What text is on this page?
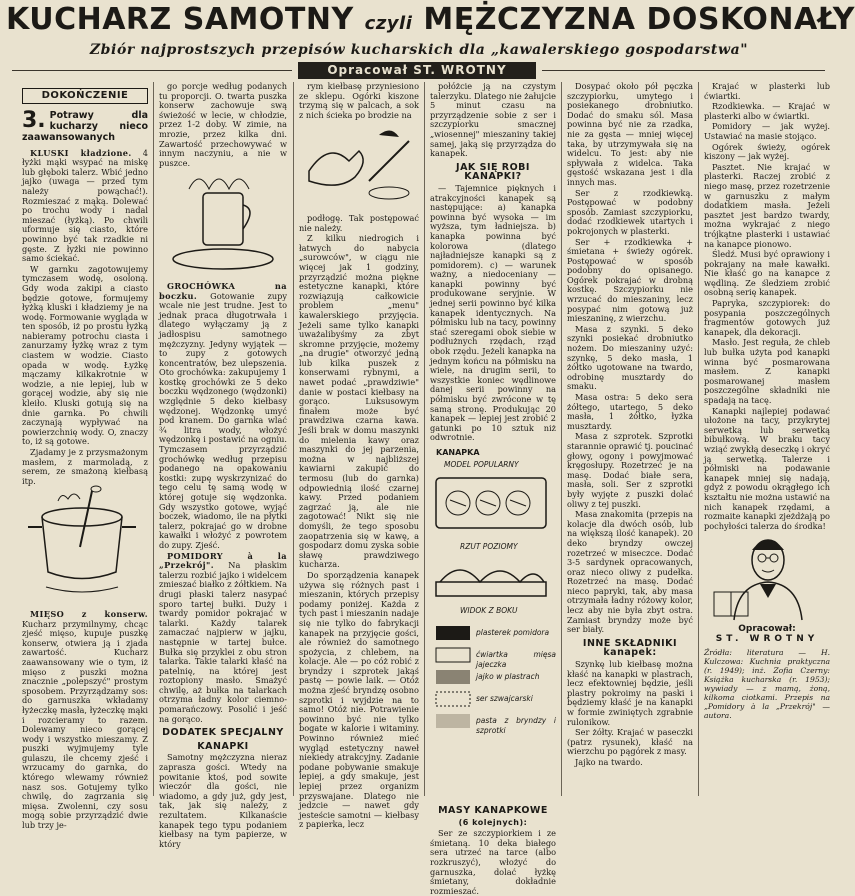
KUCHARZ SAMOTNY czyli MĘŻCZYZNA DOSKONAŁY
Zbiór najprostszych przepisów kucharskich dla „kawalerskiego gospodarstwa"
Opracował ST. WROTNY
DOKOŃCZENIE
3. Potrawy dla kucharzy nieco zaawansowanych

KLUSKI kładzione. 4 łyżki mąki wsypać na miskę lub głęboki talerz. Wbić jedno jajko (uwaga — przed tym należy powąchać!). Rozmieszać z mąką. Dolewać po trochu wody i nadal mieszać (łyżką). Po chwili uformuje się ciasto, które powinno być tak rzadkie ni gęste. Z łyżki nie powinno samo ściekać.

W garnku zagotowujemy tymczasem wodę, osoloną. Gdy woda zakipi a ciasto będzie gotowe, formujemy łyżką kluski i kładziemy je na wodę. Formowanie wygląda w ten sposób, iż po prostu łyżką nabieramy potrochu ciasta i zanurzamy łyżkę wraz z tym ciastem w wodzie. Ciasto opada w wodę. Łyżkę mączamy kilkakrotnie w wodzie, a nie lepiej, lub w gorącej wodzie, aby się nie kleiło. Kluski gotują się na dnie garnka. Po chwili zaczynają wypływać na powierzchnię wody. O, znaczy to, iż są gotowe.

Zjadamy je z przysmażonym masłem, z marmoladą, z serem, ze smażoną kiełbasą itp.

MIĘSO z konserw. Kucharz przymilnymy, chcąc zjeść mięso, kupuje puszkę konserw, otwiera ją i zjada zawartość. Kucharz zaawansowany wie o tym, iż mięso z puszki można znacznie „polepszyć" prostym sposobem. Przyrządzamy sos: do garnuszka wkładamy łyżeczkę masła, łyżeczkę mąki i rozcieramy to razem. Dolewamy nieco gorącej wody i wszystko mieszamy. Z puszki wyjmujemy tyle gulaszu, ile chcemy zjeść i wrzucamy do garnka, do którego wlewamy również nasz sos. Gotujemy tylko chwilę, do zagrzania się mięsa. Zwolenni, czy sosu mogą sobie przyrządzić dwie lub trzy je-

go porcje według podanych tu proporcji. O. twarta puszka konserw zachowuje swą świeżość w lecie, w chłodzie, przez 1-2 doby. W zimie, na mrozie, przez kilka dni. Zawartość przechowywać w innym naczyniu, a nie w puszce.

GROCHÓWKA na boczku. Gotowanie zupy wcale nie jest trudne. Jest to jednak praca długotrwała i dlatego wyłączamy ją z jadłospisu samotnego mężczyzny. Jedyny wyjątek — to zupy z gotowych koncentratów, bez ulepszenia. Oto grochówka: zakupujemy 1 kostkę grochówki ze 5 deko boczku wędzonego (wędzonki) względnie 5 deko kiełbasy wędzonej. Wędzonkę umyć pod kranem. Do garnka wlać ¾ litra wody, włożyć wędzonkę i postawić na ogniu. Tymczasem przyrządzić grochówkę według przepisu podanego na opakowaniu kostki: zupę wyskrzynizać do tego celu tę samą wodę w której gotuje się wędzonka. Gdy wszystko gotowe, wyjąć boczek, wiadomo, ile na płytki talerz, pokrajać go w drobne kawałki i włożyć z powrotem do zupy. Zjeść.

POMIDORY à la „Przekrój". Na płaskim talerzu rozbić jajko i widelcem zmieszać białko z żółtkiem. Na drugi płaski talerz nasypać sporo tartej bułki. Duży i twardy pomidor pokrajać w talarki. Każdy talarek zamaczać najpierw w jajku, następnie w tartej bułce. Bułka się przyklei z obu stron talarka. Takie talarki kłaść na patelnię, na której jest roztopiony masło. Smażyć chwilę, aż bułka na talarkach otrzyma ładny kolor ciemno-pomarańczowy. Posolić i jeść na gorąco.

DODATEK SPECJALNY
KANAPKI

Samotny mężczyzna nieraz zaprasza gości. Wtedy na powitanie ktoś, pod sowite wieczór dla gości, nie wiadomo, a gdy już, gdy jest, tak, jak się należy, z rezultatem. Kilkanaście kanapek tego typu podaniem kiełbasy na tym papierze, w który

rym kiełbasę przyniesiono ze sklepu. Ogórki kiszone trzymą się w palcach, a sok z nich ścieka po brodzie na

podłogę. Tak postępować nie należy.

Z kilku niedrogich i łatwych do nabycia „surowców", w ciągu nie więcej jak 1 godziny, przyrządzić można piękne estetyczne kanapki, które rozwiązują całkowicie problem „menu" kawalerskiego przyjęcia. Jeżeli same tylko kanapki uważalibyśmy za zbyt skromne przyjęcie, możemy „na drugie" otworzyć jedną lub kilka puszek z konserwami rybnymi, a nawet podać „prawdziwie" danie w postaci kiełbasy na gorąco. Luksusowym finałem może być prawdziwa czarna kawa. Jeśli brak w domu maszynki do mielenia kawy oraz maszynki do jej parzenia, można w najbliższej kawiarni zakupić do termosu (lub do garnka) odpowiednią ilość czarnej kawy. Przed podaniem zagrzać ją, ale nie zagotować! Nikt się nie domyśli, że tego sposobu zaopatrzenia się w kawę, a gospodarz domu zyska sobie sławę prawdziwego kucharza.

Do sporządzenia kanapek używa się różnych past i mieszanin, których przepisy podamy poniżej. Każda z tych past i mieszanin nadaje się nie tylko do fabrykacji kanapek na przyjęcie gości, ale również do samotnego spożycia, z chlebem, na kolacje. Ale — po cóż robić z bryndzy i szprotek jakąś pastę — powie laik. — Otóż można zjeść bryndzę osobno szprotki i wyjdzie na to samo! Otóż nie. Potrawienie powinno być nie tylko bogate w kalorie i witaminy. Powinno również mieć wygląd estetyczny naweł niekiedy atrakcyjny. Zadanie podane pobywanie smakuje lepiej, a gdy smakuje, jest lepiej przez organizm przyswajane. Dlatego nie jedzcie — nawet gdy jesteście samotni — kiełbasy z papierka, lecz

połóżcie ją na czystym talerzyku. Dlatego nie żałujcie 5 minut czasu na przyrządzenie sobie z ser i szczypiorku smacznej „wiosennej" mieszaniny takiej samej, jaką się przyrządza do kanapek.

JAK SIĘ ROBI KANAPKI?

— Tajemnice pięknych i atrakcyjności kanapek są następujące: a) kanapka powinna być wysoka — im wyższa, tym ładniejsza. b) kanapka powinna być kolorowa (dlatego najładniejsze kanapki są z pomidorem). c) — warunek ważny, a niedoceniany — kanapki powinny być produkowane seryjnie. W jednej serii powinno być kilka kanapek identycznych. Na półmisku lub na tacy, powinny stać szeregami obok siebie w podłużnych rzędach, rząd obok rzędu. Jeżeli kanapka na jednym końcu na półmisku na wiele, na drugim serii, to wszystkie koniec wędlinowe danej serii powinny na półmisku być zwrócone w tę samą stronę. Produkując 20 kanapek — lepiej jest zrobić 2 gatunki po 10 sztuk niż odwrotnie.

KANAPKA
MODEL POPULARNY
RZUT POZIOMY
WIDOK Z BOKU
plasterek pomidora
ćwiartka mięsa jajeczka
jajko w plastrach
ser szwajcarski
pasta z bryndzy i szprotki
MASY KANAPKOWE
(6 kolejnych):

Ser ze szczypiorkiem i ze śmietaną. 10 deka białego sera utrzeć na tarce (albo rozkruszyć), włożyć do garnuszka, dolać łyżkę śmietany, dokładnie rozmieszać.

Dosypać około pół pęczka szczypiorku, umytego i posiekanego drobniutko. Dodać do smaku sól. Masa powinna być nie za rzadka, nie za gęsta — mniej więcej taka, by utrzymywała się na widelcu. To jest: aby nie spływała z widelca. Taka gęstość wskazana jest i dla innych mas.

Ser z rzodkiewką. Postępować w podobny sposób. Zamiast szczypiorku, dodać rzodkiewek utartych i pokrojonych w plasterki.

Ser + rzodkiewka + śmietana + świeży ogórek. Postępować w sposób podobny do opisanego. Ogórek pokrajać w drobną kostkę. Szczypiorku nie wrzucać do mieszaniny, lecz posypać nim gotową już mieszaninę, z wierzchu.

Masa z szynki. 5 deko szynki posiekać drobniutko nożem. Do mieszaniny użyć: szynkę, 5 deko masła, 1 żółtko ugotowane na twardo, odrobinę musztardy do smaku.

Masa ostra: 5 deko sera żółtego, utartego, 5 deko masła, 1 żółtko, łyżka musztardy.

Masa z szprotek. Szprotki starannie oprawić tj. poucinać głowy, ogony i powyjmować kręgosłupy. Rozetrzeć je na masę. Dodać białe sera, masła, soli. Ser z szprotki były wyjęte z puszki dolać oliwy z tej puszki.

Masa znakomita (przepis na kolacje dla dwóch osób, lub na większą ilość kanapek). 20 deko bryndzy owczej rozetrzeć w miseczce. Dodać 3-5 sardynek opracowanych, oraz nieco oliwy z pudełka. Rozetrzeć na masę. Dodać nieco papryki, tak, aby masa otrzymała ładny różowy kolor, lecz aby nie była zbyt ostra. Zamiast bryndzy może być ser biały.

INNE SKŁADNIKI kanapek:

Szynkę lub kiełbasę można kłaść na kanapki w plastrach, lecz efektowniej będzie, jeśli plastry pokroimy na paski i będziemy kłaść je na kanapki w formie zwiniętych zgrabnie rulonikow.

Ser żółty. Krajać w paseczki (patrz rysunek), kłaść na wierzchu po pągórek z masy.

Jajko na twardo.

Krajać w plasterki lub ćwiartki.

Rzodkiewka. — Krajać w plasterki albo w ćwiartki.

Pomidory — jak wyżej. Ustawiać na masie stojąco.

Ogórek świeży, ogórek kiszony — jak wyżej.

Pasztet. Nie krajać w plasterki. Raczej zrobić z niego masę, przez rozetrzenie w garnuszku z małym dodatkiem masła. Jeżeli pasztet jest bardzo twardy, można wykrajać z niego trójkątne plasterki i ustawiać na kanapce pionowo.

Śledź. Musi być oprawiony i pokrajany na małe kawałki. Nie kłaść go na kanapce z wędliną. Ze śledziem zrobić osobną serię kanapek.

Papryka, szczypiorek: do posypania poszczególnych fragmentów gotowych już kanapek, dla dekoracji.

Masło. Jest reguła, że chleb lub bułka użyta pod kanapki winna być posmarowana masłem. Z kanapki posmarowanej masłem poszczególne składniki nie spadają na tacę.

Kanapki najlepiej podawać ułożone na tacy, przykrytej serwetką lub serwetką bibułkową. W braku tacy wziąć zwykłą deseczkę i okryć ją serwetką. Talerze i półmiski na podawanie kanapek mniej się nadają, gdyż z powodu okrągłego ich kształtu nie można ustawić na nich kanapek rzędami, a rozmaite kanapki zjeżdżają po pochyłości talerza do środka!

Opracował:
ST. WROTNY
Źródła: literatura — H. Kulczowa: Kuchnia praktyczna (r. 1949); inż. Zofia Czerny: Książka kucharska (r. 1953); wywiady — z mamą, żoną, kilkoma ciotkami. Przepis na „Pomidory à la „Przekrój" — autora.
